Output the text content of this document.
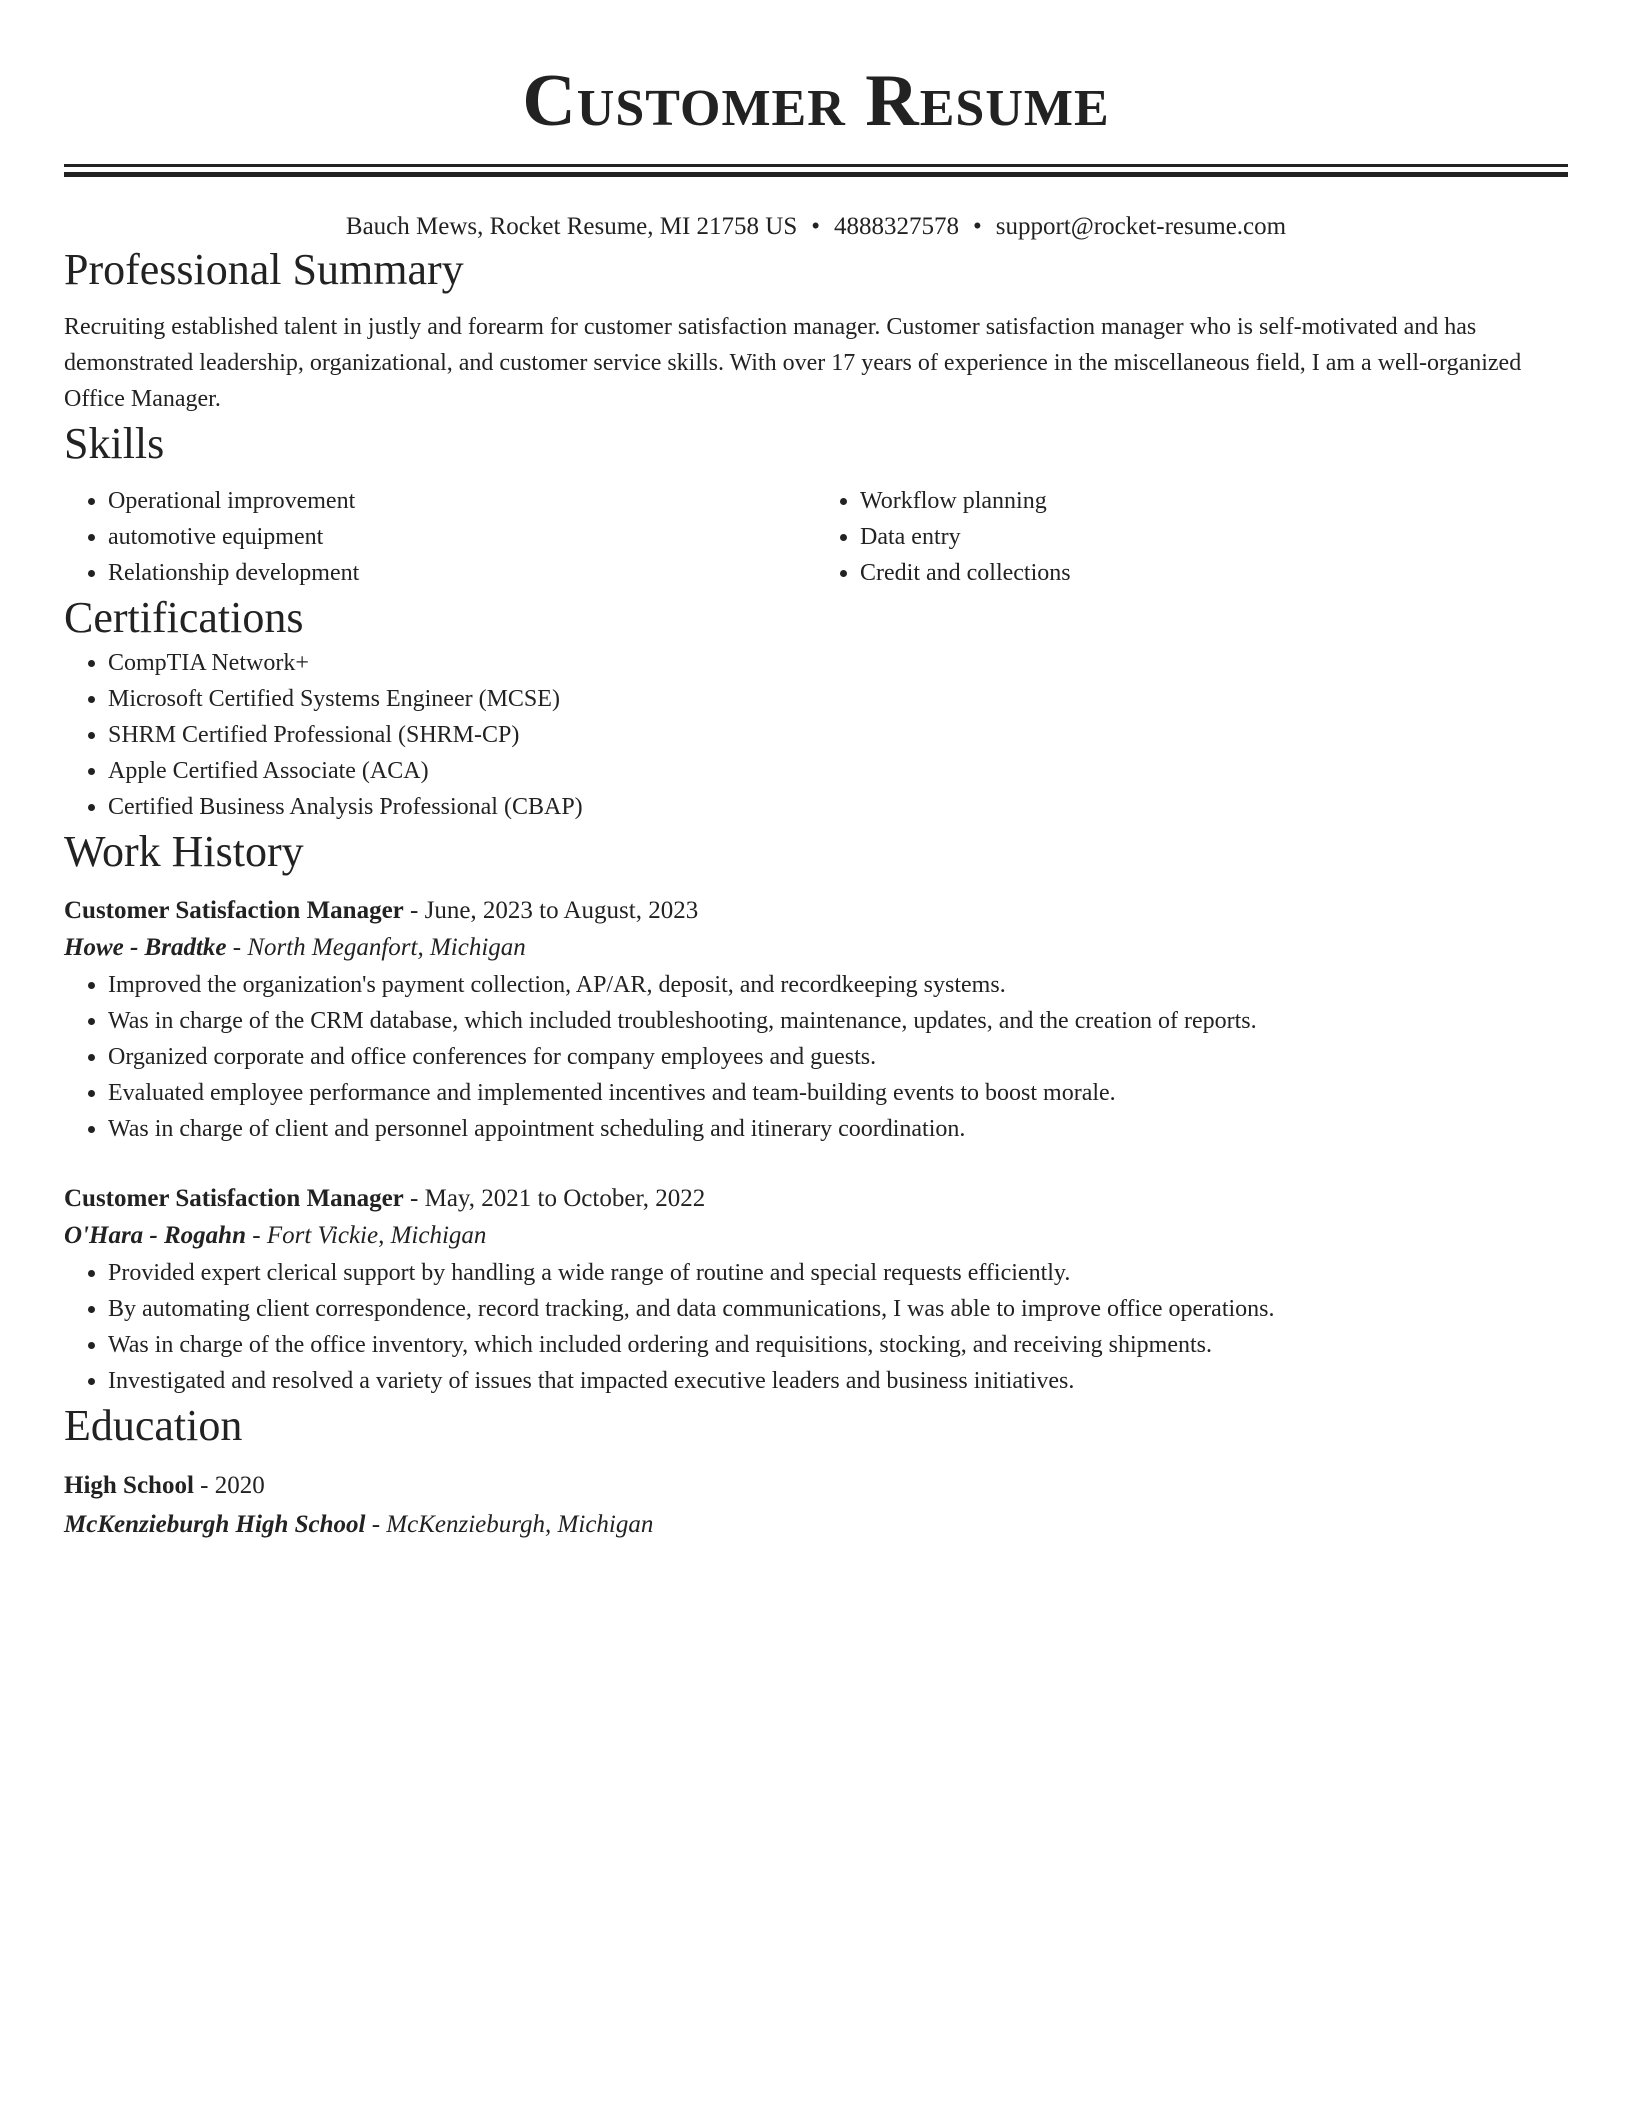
Customer Resume
Bauch Mews, Rocket Resume, MI 21758 US • 4888327578 • support@rocket-resume.com
Professional Summary

Recruiting established talent in justly and forearm for customer satisfaction manager. Customer satisfaction manager who is self-motivated and has demonstrated leadership, organizational, and customer service skills. With over 17 years of experience in the miscellaneous field, I am a well-organized Office Manager.

Skills
• Operational improvement
• automotive equipment
• Relationship development
• Workflow planning
• Data entry
• Credit and collections
Certifications
• CompTIA Network+
• Microsoft Certified Systems Engineer (MCSE)
• SHRM Certified Professional (SHRM-CP)
• Apple Certified Associate (ACA)
• Certified Business Analysis Professional (CBAP)
Work History
Customer Satisfaction Manager - June, 2023 to August, 2023
Howe - Bradtke - North Meganfort, Michigan
• Improved the organization's payment collection, AP/AR, deposit, and recordkeeping systems.
• Was in charge of the CRM database, which included troubleshooting, maintenance, updates, and the creation of reports.
• Organized corporate and office conferences for company employees and guests.
• Evaluated employee performance and implemented incentives and team-building events to boost morale.
• Was in charge of client and personnel appointment scheduling and itinerary coordination.
Customer Satisfaction Manager - May, 2021 to October, 2022
O'Hara - Rogahn - Fort Vickie, Michigan
• Provided expert clerical support by handling a wide range of routine and special requests efficiently.
• By automating client correspondence, record tracking, and data communications, I was able to improve office operations.
• Was in charge of the office inventory, which included ordering and requisitions, stocking, and receiving shipments.
• Investigated and resolved a variety of issues that impacted executive leaders and business initiatives.
Education
High School - 2020
McKenzieburgh High School - McKenzieburgh, Michigan
